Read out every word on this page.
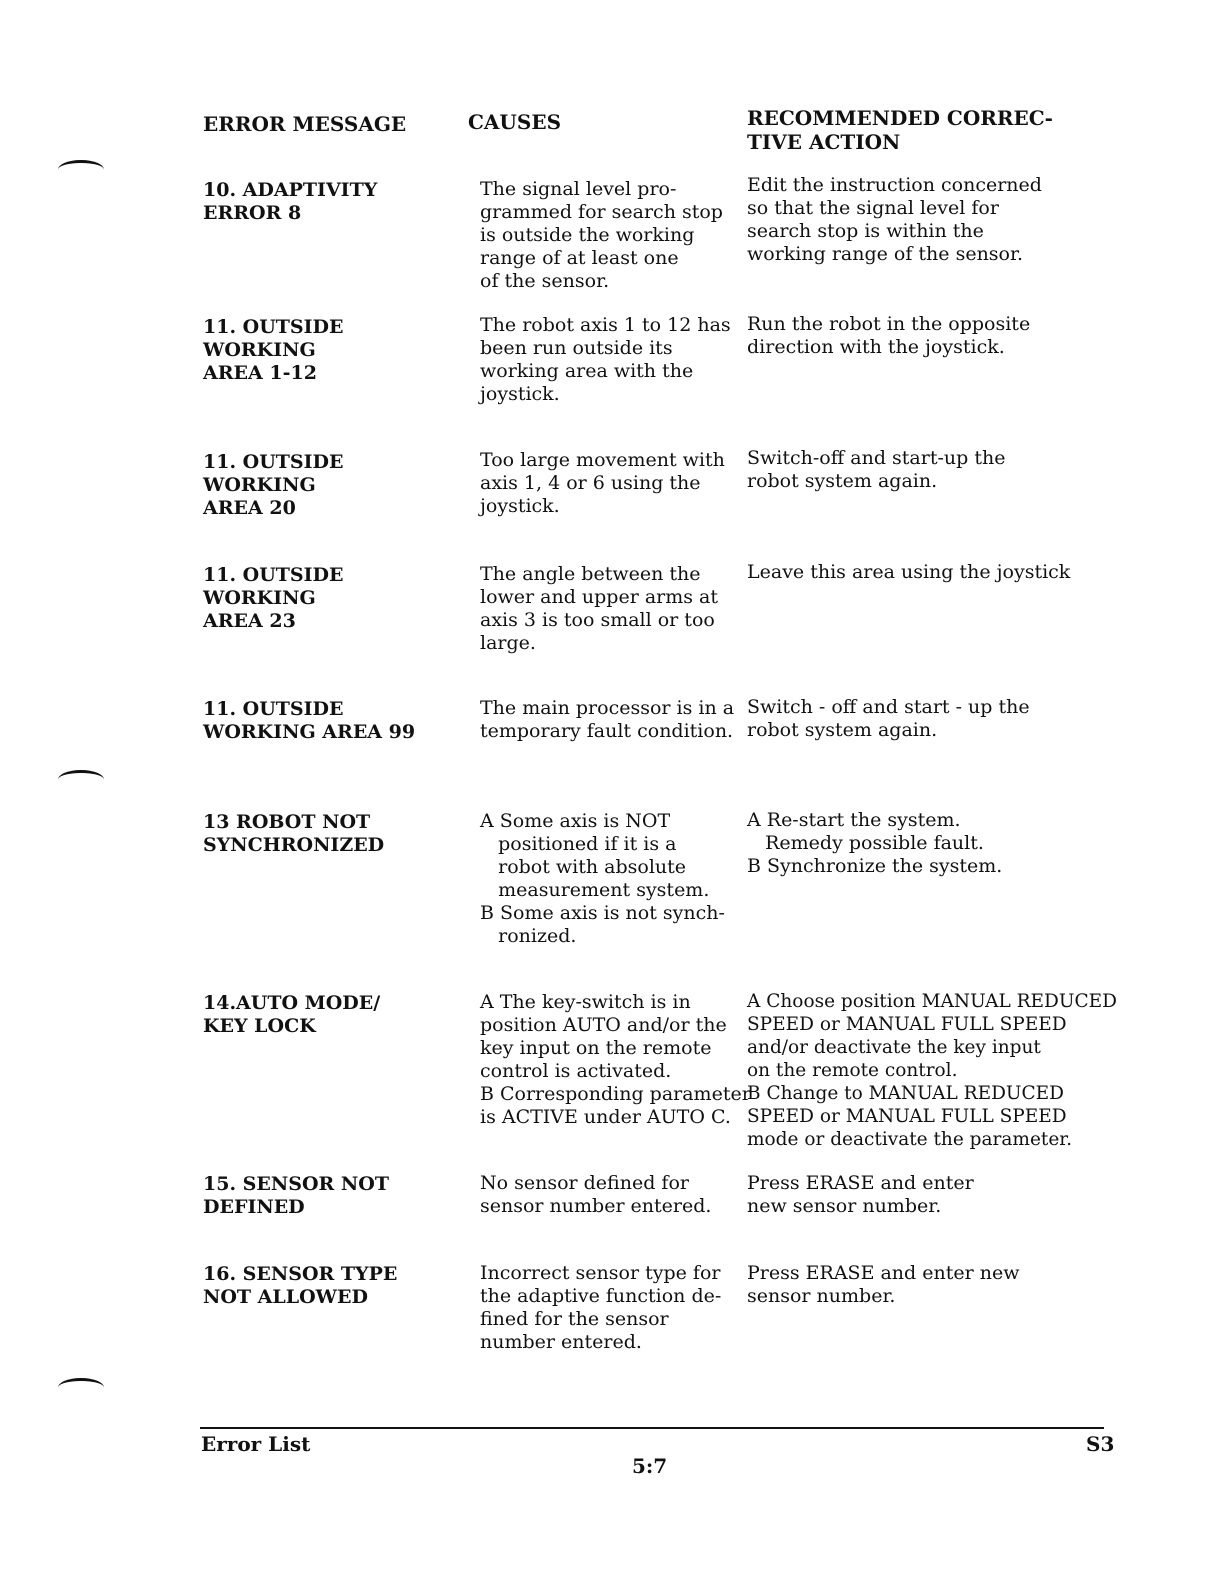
ERROR MESSAGE	CAUSES	RECOMMENDED CORREC-
TIVE ACTION
10. ADAPTIVITY
ERROR 8
The signal level pro-
grammed for search stop
is outside the working
range of at least one
of the sensor.
Edit the instruction concerned
so that the signal level for
search stop is within the
working range of the sensor.
11. OUTSIDE
WORKING
AREA 1-12
The robot axis 1 to 12 has
been run outside its
working area with the
joystick.
Run the robot in the opposite
direction with the joystick.
11. OUTSIDE
WORKING
AREA 20
Too large movement with
axis 1, 4 or 6 using the
joystick.
Switch-off and start-up the
robot system again.
11. OUTSIDE
WORKING
AREA 23
The angle between the
lower and upper arms at
axis 3 is too small or too
large.
Leave this area using the joystick
11. OUTSIDE
WORKING AREA 99
The main processor is in a
temporary fault condition.
Switch - off and start - up the
robot system again.
13 ROBOT NOT
SYNCHRONIZED
A Some axis is NOT
positioned if it is a
robot with absolute
measurement system.
B Some axis is not synch-
ronized.
A Re-start the system.
Remedy possible fault.
B Synchronize the system.
14.AUTO MODE/
KEY LOCK
A The key-switch is in
position AUTO and/or the
key input on the remote
control is activated.
B Corresponding parameter
is ACTIVE under AUTO C.
A Choose position MANUAL REDUCED
SPEED or MANUAL FULL SPEED
and/or deactivate the key input
on the remote control.
B Change to MANUAL REDUCED
SPEED or MANUAL FULL SPEED
mode or deactivate the parameter.
15. SENSOR NOT
DEFINED
No sensor defined for
sensor number entered.
Press ERASE and enter
new sensor number.
16. SENSOR TYPE
NOT ALLOWED
Incorrect sensor type for
the adaptive function de-
fined for the sensor
number entered.
Press ERASE and enter new
sensor number.
Error List
5:7
S3
